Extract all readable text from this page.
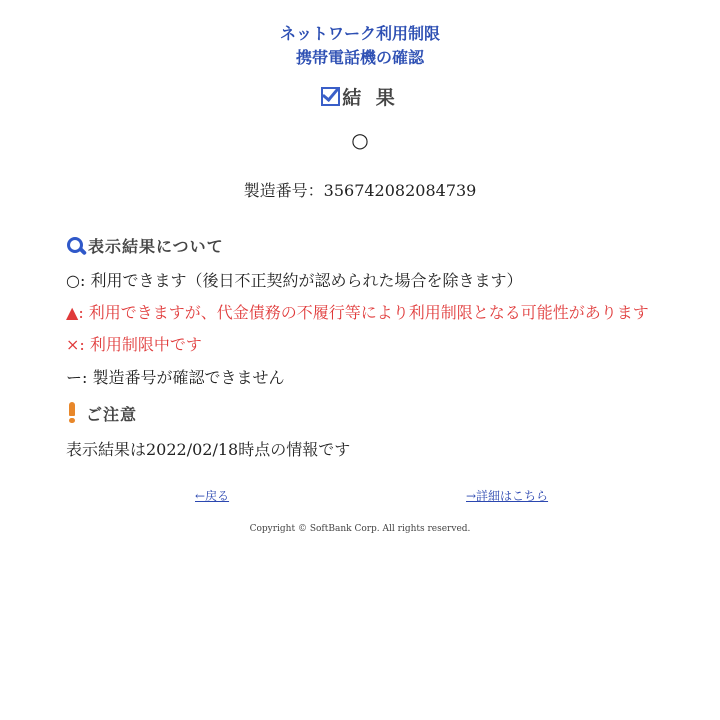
ネットワーク利用制限
携帯電話機の確認
結 果
○
製造番号：356742082084739
表示結果について
○: 利用できます（後日不正契約が認められた場合を除きます）
▲: 利用できますが、代金債務の不履行等により利用制限となる可能性があります
×: 利用制限中です
ー: 製造番号が確認できません
ご注意
表示結果は2022/02/18時点の情報です
←戻る	→詳細はこちら
Copyright © SoftBank Corp. All rights reserved.
